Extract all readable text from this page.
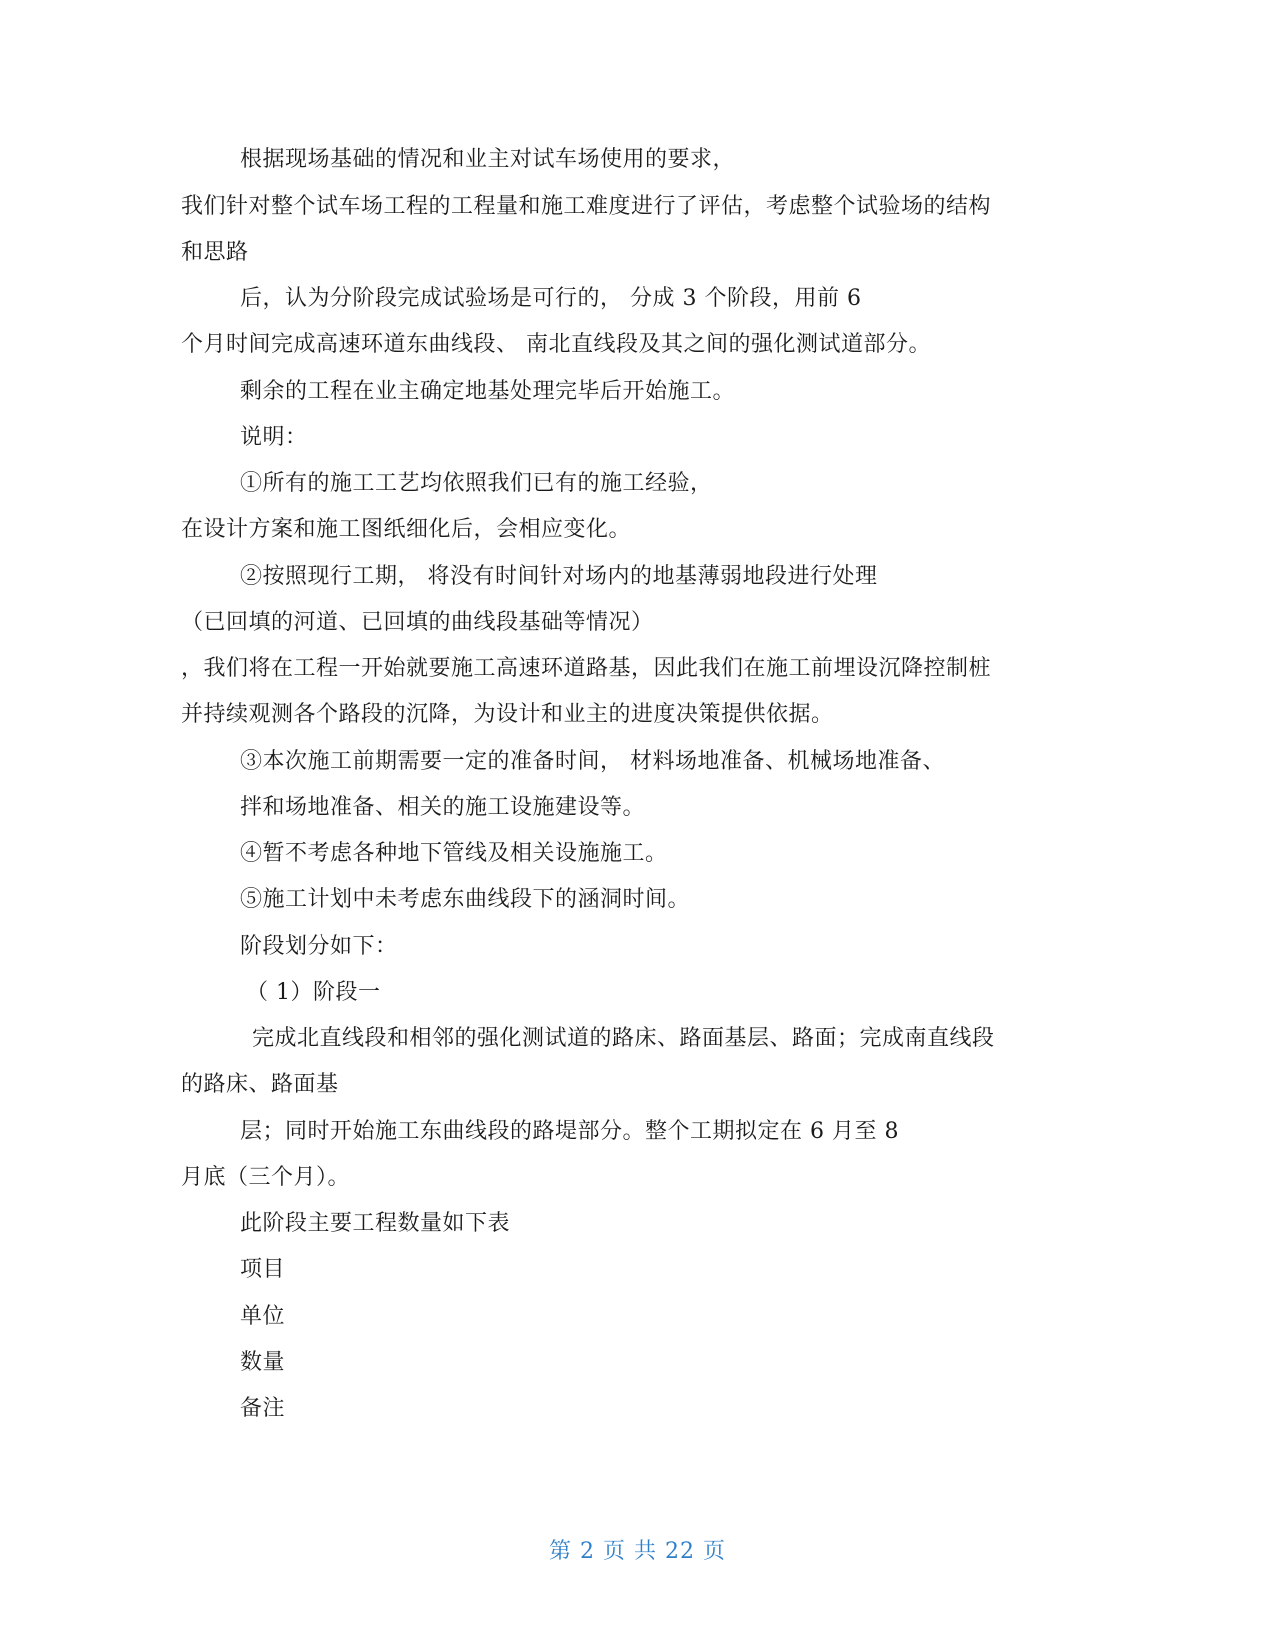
根据现场基础的情况和业主对试车场使用的要求，
我们针对整个试车场工程的工程量和施工难度进行了评估，考虑整个试验场的结构
和思路
后，认为分阶段完成试验场是可行的， 分成 3 个阶段，用前 6
个月时间完成高速环道东曲线段、 南北直线段及其之间的强化测试道部分。
剩余的工程在业主确定地基处理完毕后开始施工。
说明：
①所有的施工工艺均依照我们已有的施工经验，
在设计方案和施工图纸细化后，会相应变化。
②按照现行工期， 将没有时间针对场内的地基薄弱地段进行处理
（已回填的河道、已回填的曲线段基础等情况）
，我们将在工程一开始就要施工高速环道路基，因此我们在施工前埋设沉降控制桩
并持续观测各个路段的沉降，为设计和业主的进度决策提供依据。
③本次施工前期需要一定的准备时间， 材料场地准备、机械场地准备、
拌和场地准备、相关的施工设施建设等。
④暂不考虑各种地下管线及相关设施施工。
⑤施工计划中未考虑东曲线段下的涵洞时间。
阶段划分如下：
（ 1）阶段一
完成北直线段和相邻的强化测试道的路床、路面基层、路面；完成南直线段
的路床、路面基
层；同时开始施工东曲线段的路堤部分。整个工期拟定在 6 月至 8
月底（三个月）。
此阶段主要工程数量如下表
项目
单位
数量
备注
第 2 页 共 22 页
